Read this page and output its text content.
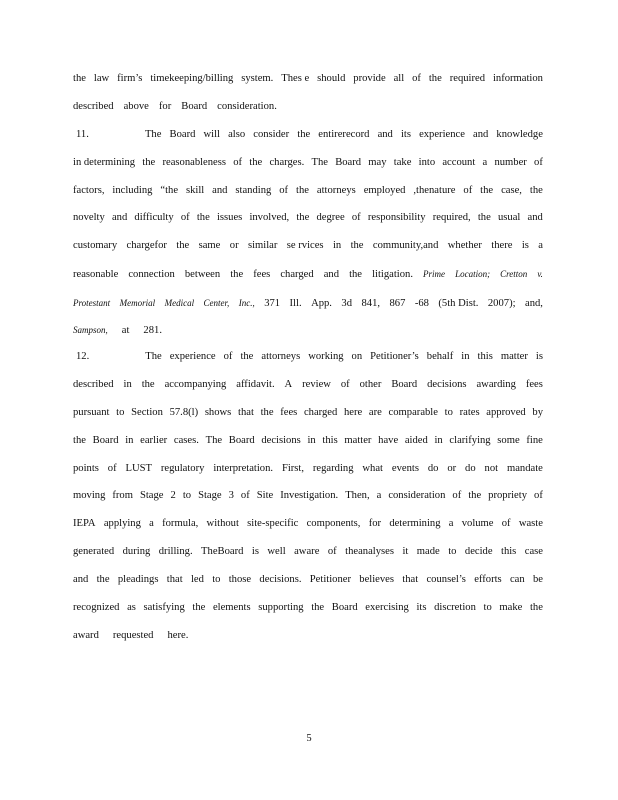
the law firm’s timekeeping/billing system. Thes e should provide all of the required information
described above for Board consideration.
11.	The Board will also consider the entirerecord and its experience and knowledge
in determining the reasonableness of the charges. The Board may take into account a number of
factors, including “the skill and standing of the attorneys employed ,thenature of the case, the
novelty and difficulty of the issues involved, the degree of responsibility required, the usual and
customary chargefor the same or similar se rvices in the community,and whether there is a
reasonable connection between the fees charged and the litigation. Prime Location; Cretton v.
Protestant Memorial Medical Center, Inc., 371 Ill. App. 3d 841, 867 -68 (5th Dist. 2007); and,
Sampson, at 281.
12.	The experience of the attorneys working on Petitioner’s behalf in this matter is
described in the accompanying affidavit. A review of other Board decisions awarding fees
pursuant to Section 57.8(l) shows that the fees charged here are comparable to rates approved by
the Board in earlier cases. The Board decisions in this matter have aided in clarifying some fine
points of LUST regulatory interpretation. First, regarding what events do or do not mandate
moving from Stage 2 to Stage 3 of Site Investigation. Then, a consideration of the propriety of
IEPA applying a formula, without site-specific components, for determining a volume of waste
generated during drilling. TheBoard is well aware of theanalyses it made to decide this case
and the pleadings that led to those decisions. Petitioner believes that counsel’s efforts can be
recognized as satisfying the elements supporting the Board exercising its discretion to make the
award requested here.
5
